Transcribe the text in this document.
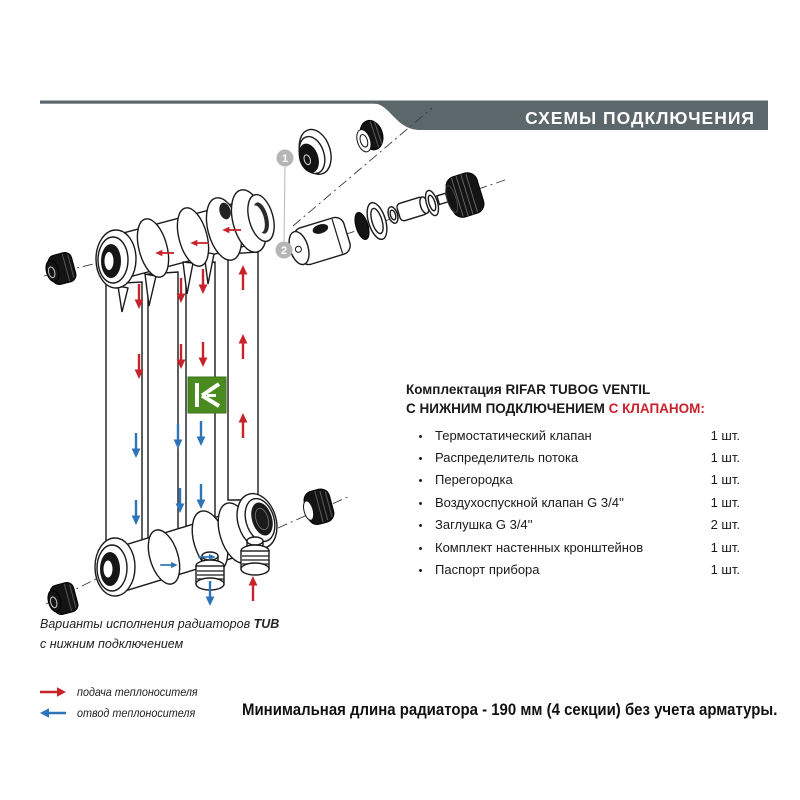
1
2
СХЕМЫ ПОДКЛЮЧЕНИЯ
Комплектация RIFAR TUBOG VENTIL
С НИЖНИМ ПОДКЛЮЧЕНИЕМ С КЛАПАНОМ:
•
Термостатический клапан	1 шт.
•
Распределитель потока	1 шт.
•
Перегородка	1 шт.
•
Воздухоспускной клапан G 3/4''	1 шт.
•
Заглушка G 3/4''	2 шт.
•
Комплект настенных кронштейнов	1 шт.
•
Паспорт прибора	1 шт.
Варианты исполнения радиаторов TUB
с нижним подключением
подача теплоносителя
отвод теплоносителя	Минимальная длина радиатора - 190 мм (4 секции) без учета арматуры.
